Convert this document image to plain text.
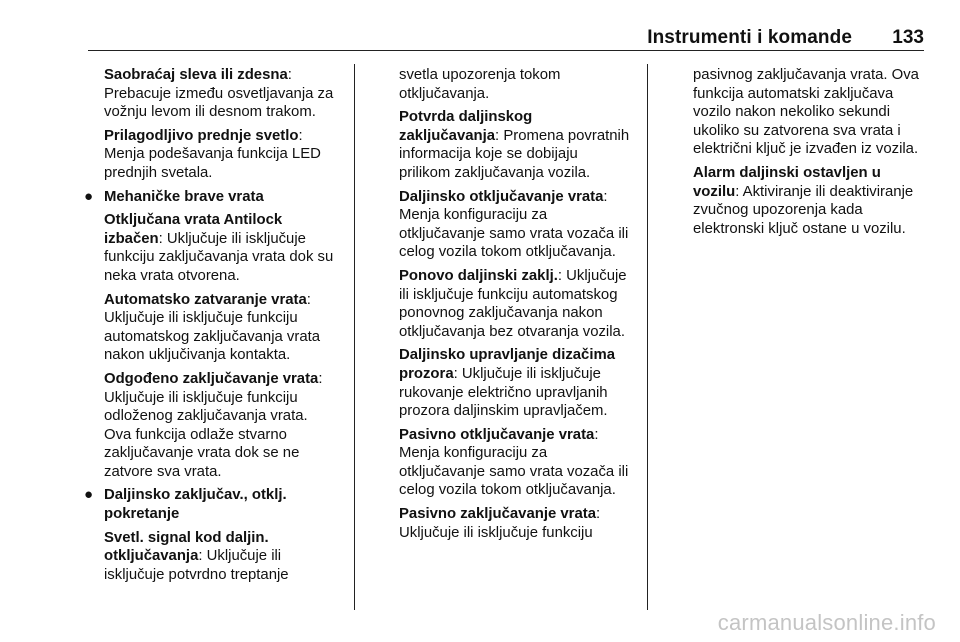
Instrumenti i komande 133

Saobraćaj sleva ili zdesna: Prebacuje između osvetljavanja za vožnju levom ili desnom trakom.

Prilagodljivo prednje svetlo: Menja podešavanja funkcija LED prednjih svetala.

● Mehaničke brave vrata

Otključana vrata Antilock izbačen: Uključuje ili isključuje funkciju zaključavanja vrata dok su neka vrata otvorena.

Automatsko zatvaranje vrata: Uključuje ili isključuje funkciju automatskog zaključavanja vrata nakon uključivanja kontakta.

Odgođeno zaključavanje vrata: Uključuje ili isključuje funkciju odloženog zaključavanja vrata. Ova funkcija odlaže stvarno zaključavanje vrata dok se ne zatvore sva vrata.

● Daljinsko zaključav., otklj. pokretanje

Svetl. signal kod daljin. otključavanja: Uključuje ili isključuje potvrdno treptanje

svetla upozorenja tokom otključavanja.

Potvrda daljinskog zaključavanja: Promena povratnih informacija koje se dobijaju prilikom zaključavanja vozila.

Daljinsko otključavanje vrata: Menja konfiguraciju za otključavanje samo vrata vozača ili celog vozila tokom otključavanja.

Ponovo daljinski zaklj.: Uključuje ili isključuje funkciju automatskog ponovnog zaključavanja nakon otključavanja bez otvaranja vozila.

Daljinsko upravljanje dizačima prozora: Uključuje ili isključuje rukovanje električno upravljanih prozora daljinskim upravljačem.

Pasivno otključavanje vrata: Menja konfiguraciju za otključavanje samo vrata vozača ili celog vozila tokom otključavanja.

Pasivno zaključavanje vrata: Uključuje ili isključuje funkciju

pasivnog zaključavanja vrata. Ova funkcija automatski zaključava vozilo nakon nekoliko sekundi ukoliko su zatvorena sva vrata i električni ključ je izvađen iz vozila.

Alarm daljinski ostavljen u vozilu: Aktiviranje ili deaktiviranje zvučnog upozorenja kada elektronski ključ ostane u vozilu.

carmanualsonline.info
